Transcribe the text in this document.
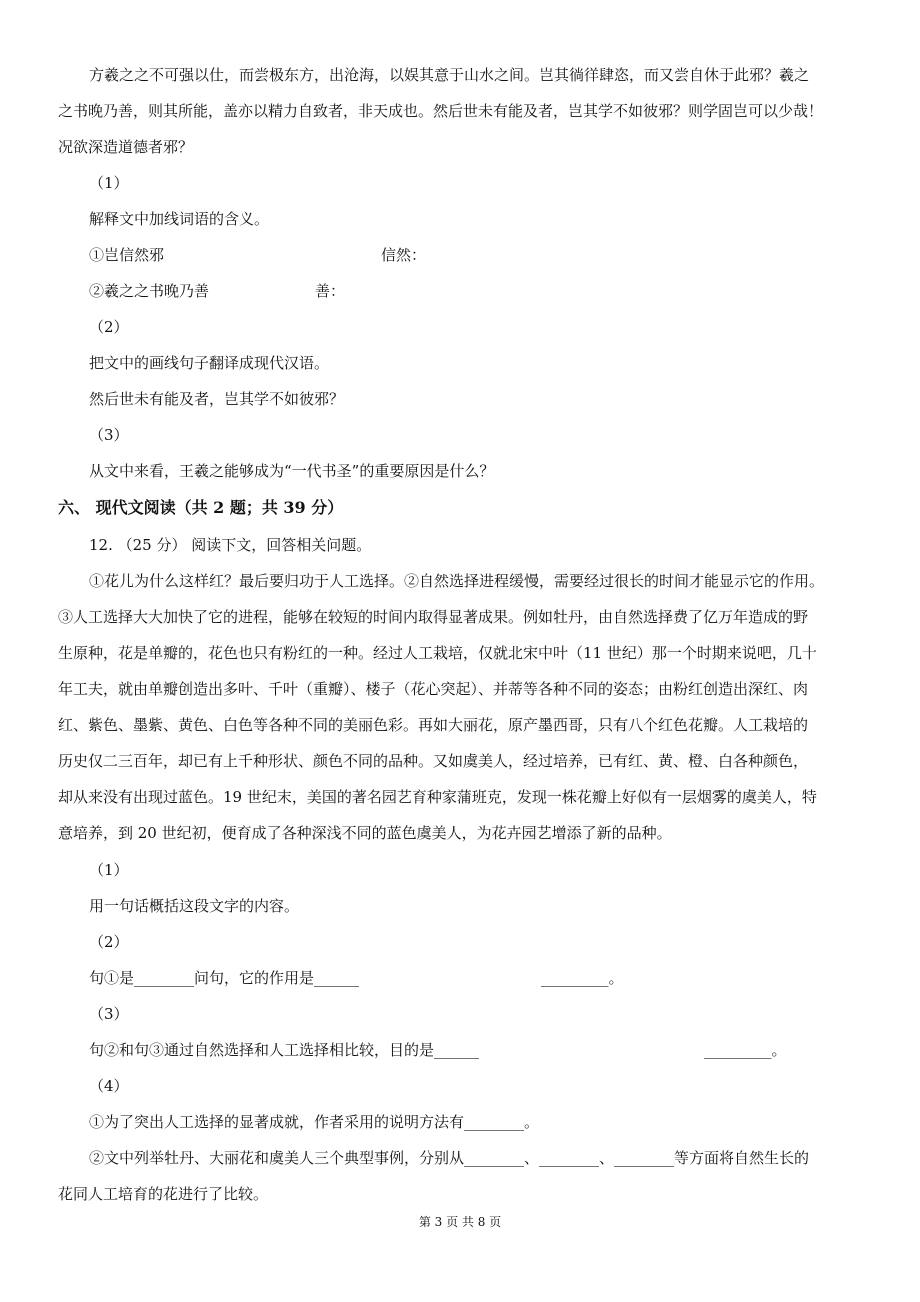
方羲之之不可强以仕，而尝极东方，出沧海，以娱其意于山水之间。岂其徜徉肆恣，而又尝自休于此邪？羲之
之书晚乃善，则其所能，盖亦以精力自致者，非天成也。然后世未有能及者，岂其学不如彼邪？则学固岂可以少哉！
况欲深造道德者邪？
（1）
解释文中加线词语的含义。
①岂信然邪	信然：
②羲之之书晚乃善	善：
（2）
把文中的画线句子翻译成现代汉语。
然后世未有能及者，岂其学不如彼邪？
（3）
从文中来看，王羲之能够成为“一代书圣”的重要原因是什么？
六、 现代文阅读（共 2 题；共 39 分）
12. （25 分） 阅读下文，回答相关问题。
①花儿为什么这样红？最后要归功于人工选择。②自然选择进程缓慢，需要经过很长的时间才能显示它的作用。
③人工选择大大加快了它的进程，能够在较短的时间内取得显著成果。例如牡丹，由自然选择费了亿万年造成的野
生原种，花是单瓣的，花色也只有粉红的一种。经过人工栽培，仅就北宋中叶（11 世纪）那一个时期来说吧，几十
年工夫，就由单瓣创造出多叶、千叶（重瓣）、楼子（花心突起）、并蒂等各种不同的姿态；由粉红创造出深红、肉
红、紫色、墨紫、黄色、白色等各种不同的美丽色彩。再如大丽花，原产墨西哥，只有八个红色花瓣。人工栽培的
历史仅二三百年，却已有上千种形状、颜色不同的品种。又如虞美人，经过培养，已有红、黄、橙、白各种颜色，
却从来没有出现过蓝色。19 世纪末，美国的著名园艺育种家蒲班克，发现一株花瓣上好似有一层烟雾的虞美人，特
意培养，到 20 世纪初，便育成了各种深浅不同的蓝色虞美人，为花卉园艺增添了新的品种。
（1）
用一句话概括这段文字的内容。
（2）
句①是________问句，它的作用是______	_________。
（3）
句②和句③通过自然选择和人工选择相比较，目的是______	_________。
（4）
①为了突出人工选择的显著成就，作者采用的说明方法有________。
②文中列举牡丹、大丽花和虞美人三个典型事例，分别从________、________、________等方面将自然生长的
花同人工培育的花进行了比较。
第 3 页 共 8 页
